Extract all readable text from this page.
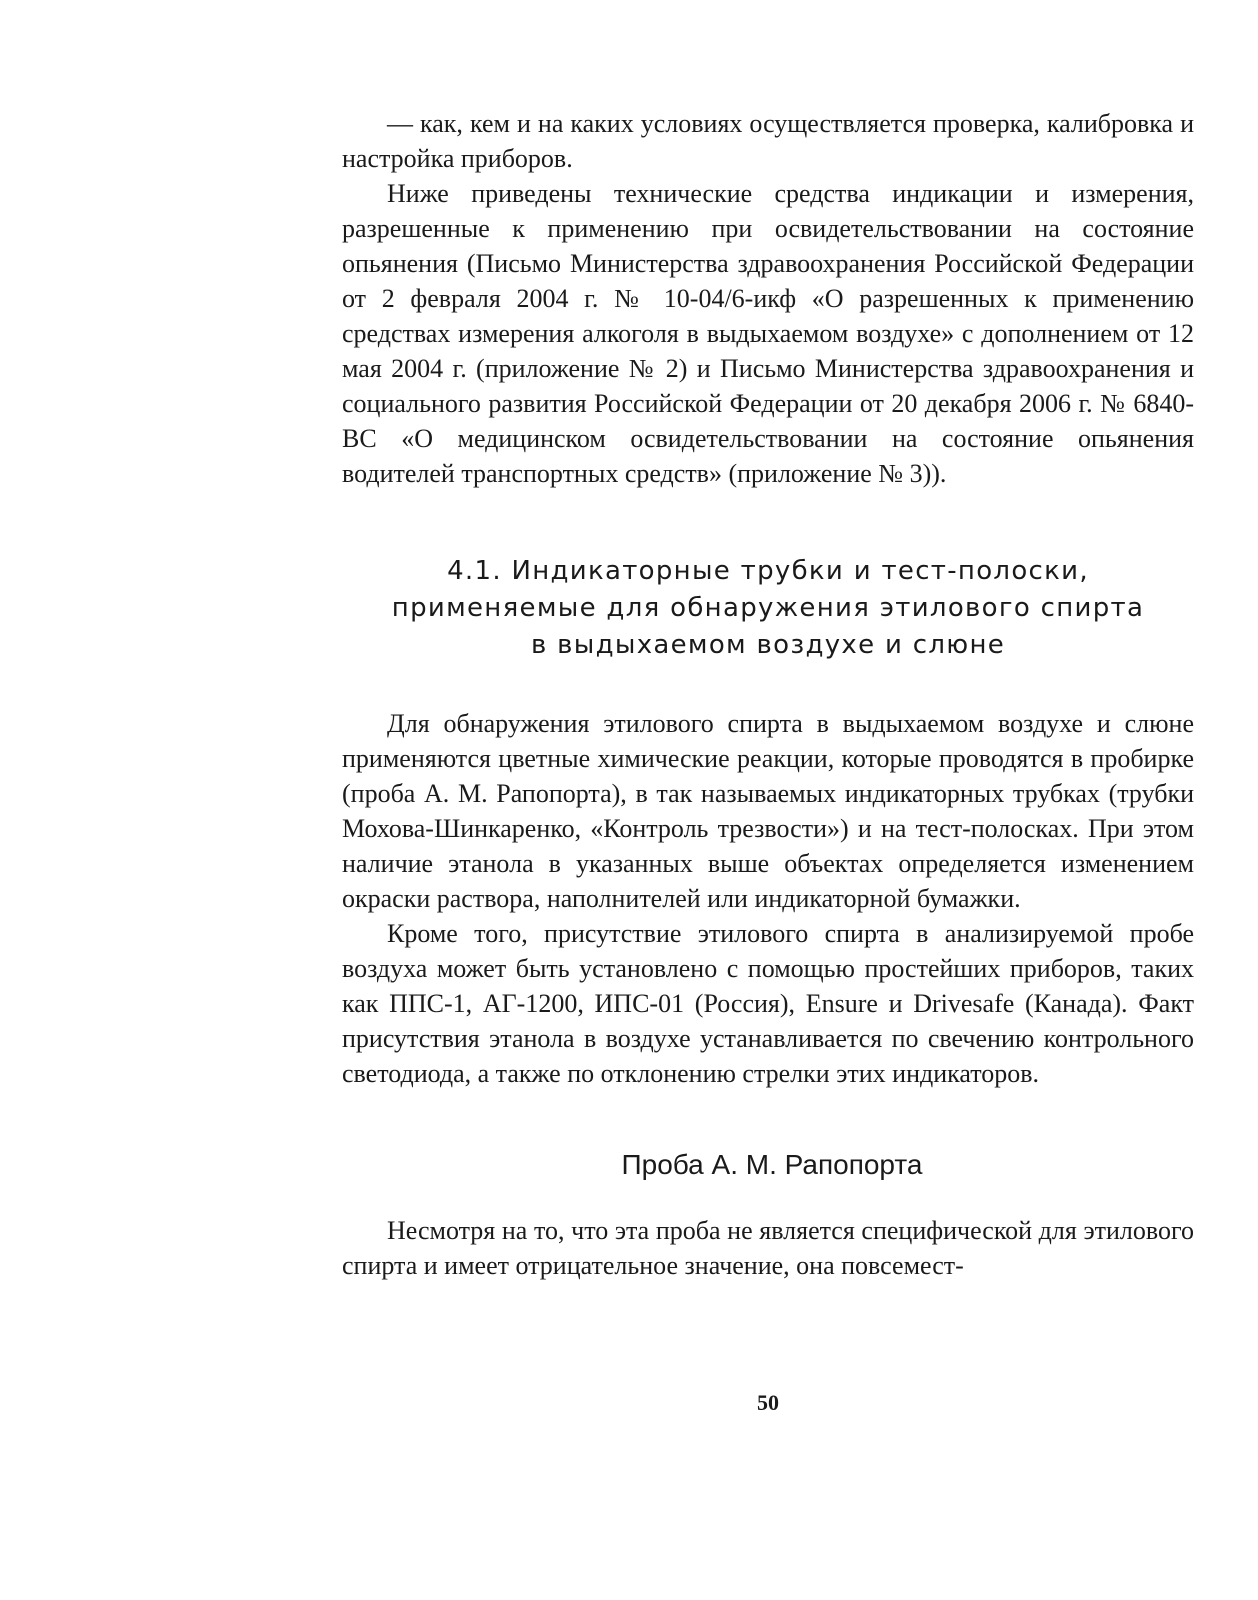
— как, кем и на каких условиях осуществляется проверка, калибровка и настройка приборов.

Ниже приведены технические средства индикации и измерения, разрешенные к применению при освидетельствовании на состояние опьянения (Письмо Министерства здравоохранения Российской Федерации от 2 февраля 2004 г. № 10-04/6-икф «О разрешенных к применению средствах измерения алкоголя в выдыхаемом воздухе» с дополнением от 12 мая 2004 г. (приложение № 2) и Письмо Министерства здравоохранения и социального развития Российской Федерации от 20 декабря 2006 г. № 6840-ВС «О медицинском освидетельствовании на состояние опьянения водителей транспортных средств» (приложение № 3)).

4.1. Индикаторные трубки и тест-полоски,
применяемые для обнаружения этилового спирта
в выдыхаемом воздухе и слюне

Для обнаружения этилового спирта в выдыхаемом воздухе и слюне применяются цветные химические реакции, которые проводятся в пробирке (проба А. М. Рапопорта), в так называемых индикаторных трубках (трубки Мохова-Шинкаренко, «Контроль трезвости») и на тест-полосках. При этом наличие этанола в указанных выше объектах определяется изменением окраски раствора, наполнителей или индикаторной бумажки.

Кроме того, присутствие этилового спирта в анализируемой пробе воздуха может быть установлено с помощью простейших приборов, таких как ППС-1, АГ-1200, ИПС-01 (Россия), Ensure и Drivesafe (Канада). Факт присутствия этанола в воздухе устанавливается по свечению контрольного светодиода, а также по отклонению стрелки этих индикаторов.

Проба А. М. Рапопорта

Несмотря на то, что эта проба не является специфической для этилового спирта и имеет отрицательное значение, она повсемест-

50
